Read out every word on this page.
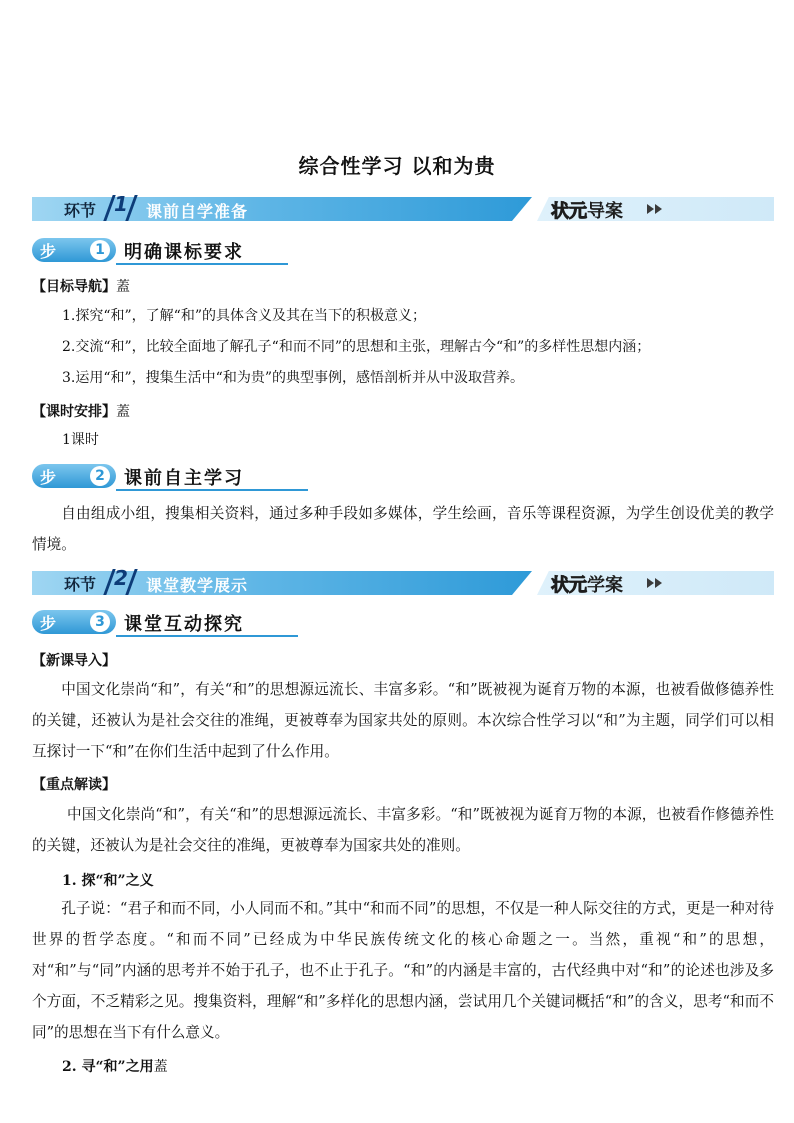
综合性学习 以和为贵
环节 1 课前自学准备	状元导案
步骤
1 明确课标要求
【目标导航】蓋
1.探究“和”，了解“和”的具体含义及其在当下的积极意义；
2.交流“和”，比较全面地了解孔子“和而不同”的思想和主张，理解古今“和”的多样性思想内涵；
3.运用“和”，搜集生活中“和为贵”的典型事例，感悟剖析并从中汲取营养。
【课时安排】蓋
1课时
步骤
2 课前自主学习
自由组成小组，搜集相关资料，通过多种手段如多媒体，学生绘画，音乐等课程资源，为学生创设优美的教学情境。
环节 2 课堂教学展示	状元学案
步骤
3 课堂互动探究
【新课导入】
中国文化崇尚“和”，有关“和”的思想源远流长、丰富多彩。“和”既被视为诞育万物的本源，也被看做修德养性的关键，还被认为是社会交往的准绳，更被尊奉为国家共处的原则。本次综合性学习以“和”为主题，同学们可以相互探讨一下“和”在你们生活中起到了什么作用。
【重点解读】
中国文化崇尚“和”，有关“和”的思想源远流长、丰富多彩。“和”既被视为诞育万物的本源，也被看作修德养性的关键，还被认为是社会交往的准绳，更被尊奉为国家共处的准则。
1. 探“和”之义
孔子说：“君子和而不同，小人同而不和。”其中“和而不同”的思想，不仅是一种人际交往的方式，更是一种对待世界的哲学态度。“和而不同”已经成为中华民族传统文化的核心命题之一。当然，重视“和”的思想，对“和”与“同”内涵的思考并不始于孔子，也不止于孔子。“和”的内涵是丰富的，古代经典中对“和”的论述也涉及多个方面，不乏精彩之见。搜集资料，理解“和”多样化的思想内涵，尝试用几个关键词概括“和”的含义，思考“和而不同”的思想在当下有什么意义。
2. 寻“和”之用蓋
